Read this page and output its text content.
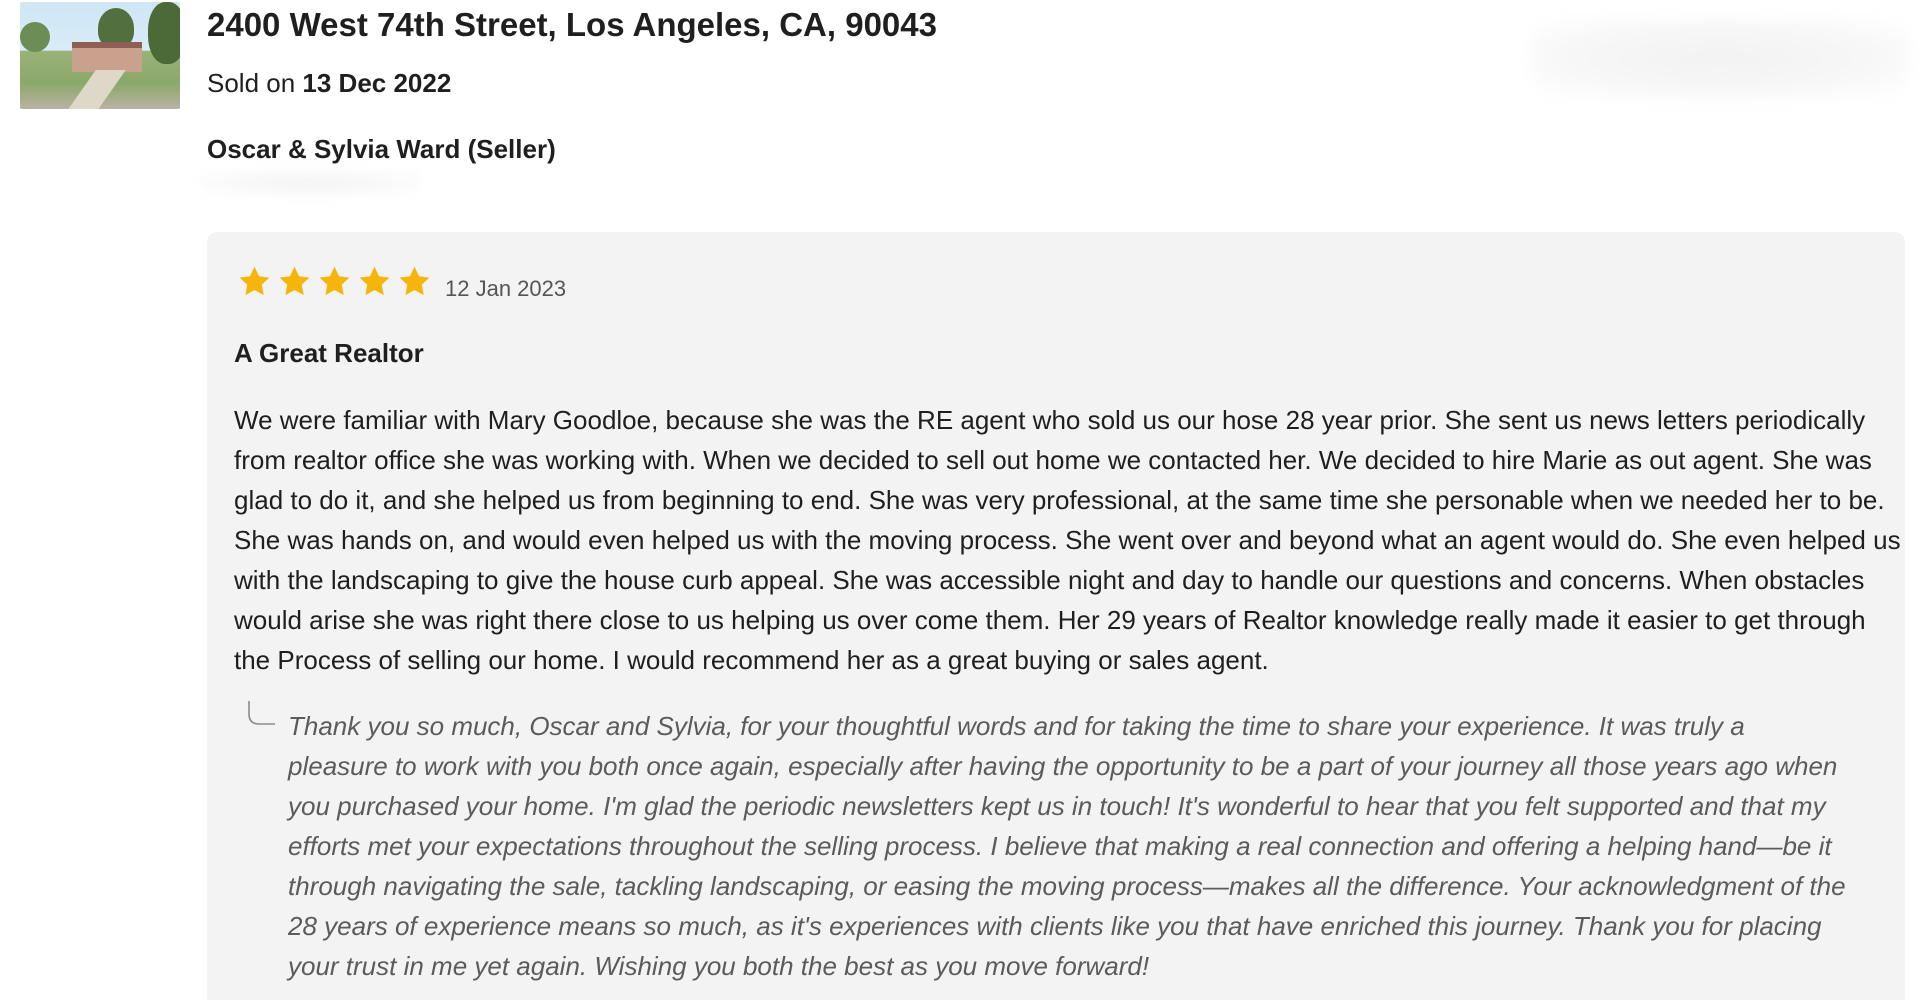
2400 West 74th Street, Los Angeles, CA, 90043
Sold on 13 Dec 2022
Oscar & Sylvia Ward (Seller)
12 Jan 2023
A Great Realtor
We were familiar with Mary Goodloe, because she was the RE agent who sold us our hose 28 year prior. She sent us news letters periodically from realtor office she was working with. When we decided to sell out home we contacted her. We decided to hire Marie as out agent. She was glad to do it, and she helped us from beginning to end. She was very professional, at the same time she personable when we needed her to be. She was hands on, and would even helped us with the moving process. She went over and beyond what an agent would do. She even helped us with the landscaping to give the house curb appeal. She was accessible night and day to handle our questions and concerns. When obstacles would arise she was right there close to us helping us over come them. Her 29 years of Realtor knowledge really made it easier to get through the Process of selling our home. I would recommend her as a great buying or sales agent.
Thank you so much, Oscar and Sylvia, for your thoughtful words and for taking the time to share your experience. It was truly a pleasure to work with you both once again, especially after having the opportunity to be a part of your journey all those years ago when you purchased your home. I'm glad the periodic newsletters kept us in touch! It's wonderful to hear that you felt supported and that my efforts met your expectations throughout the selling process. I believe that making a real connection and offering a helping hand—be it through navigating the sale, tackling landscaping, or easing the moving process—makes all the difference. Your acknowledgment of the 28 years of experience means so much, as it's experiences with clients like you that have enriched this journey. Thank you for placing your trust in me yet again. Wishing you both the best as you move forward!
